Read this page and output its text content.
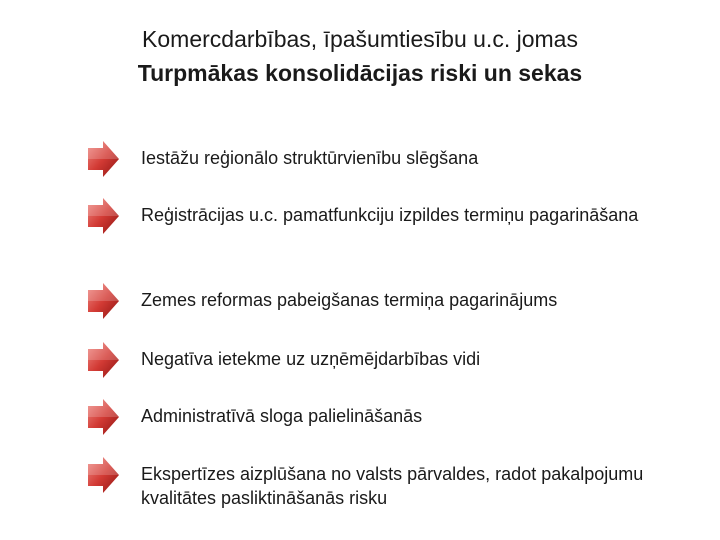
Komercdarbības, īpašumtiesību u.c. jomas

Turpmākas konsolidācijas riski un sekas

Iestāžu reģionālo struktūrvienību slēgšana
Reģistrācijas u.c. pamatfunkciju izpildes termiņu pagarināšana
Zemes reformas pabeigšanas termiņa pagarinājums
Negatīva ietekme uz uzņēmējdarbības vidi
Administratīvā sloga palielināšanās
Ekspertīzes aizplūšana no valsts pārvaldes, radot pakalpojumu kvalitātes pasliktināšanās risku
